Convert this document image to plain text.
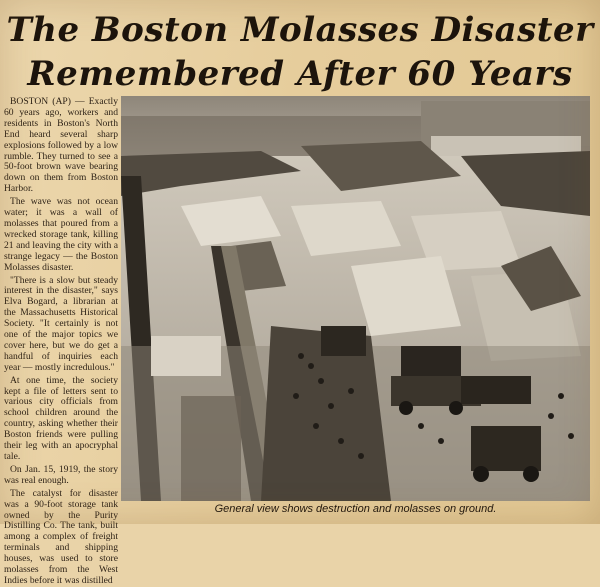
The Boston Molasses Disaster
Remembered After 60 Years

BOSTON (AP) — Exactly 60 years ago, workers and residents in Boston's North End heard several sharp explosions followed by a low rumble. They turned to see a 50-foot brown wave bearing down on them from Boston Harbor.

The wave was not ocean water; it was a wall of molasses that poured from a wrecked storage tank, killing 21 and leaving the city with a strange legacy — the Boston Molasses disaster.

"There is a slow but steady interest in the disaster," says Elva Bogard, a librarian at the Massachusetts Historical Society. "It certainly is not one of the major topics we cover here, but we do get a handful of inquiries each year — mostly incredulous."

At one time, the society kept a file of letters sent to various city officials from school children around the country, asking whether their Boston friends were pulling their leg with an apocryphal tale.

On Jan. 15, 1919, the story was real enough.

The catalyst for disaster was a 90-foot storage tank owned by the Purity Distilling Co. The tank, built among a complex of freight terminals and shipping houses, was used to store molasses from the West Indies before it was distilled

General view shows destruction and molasses on ground.
